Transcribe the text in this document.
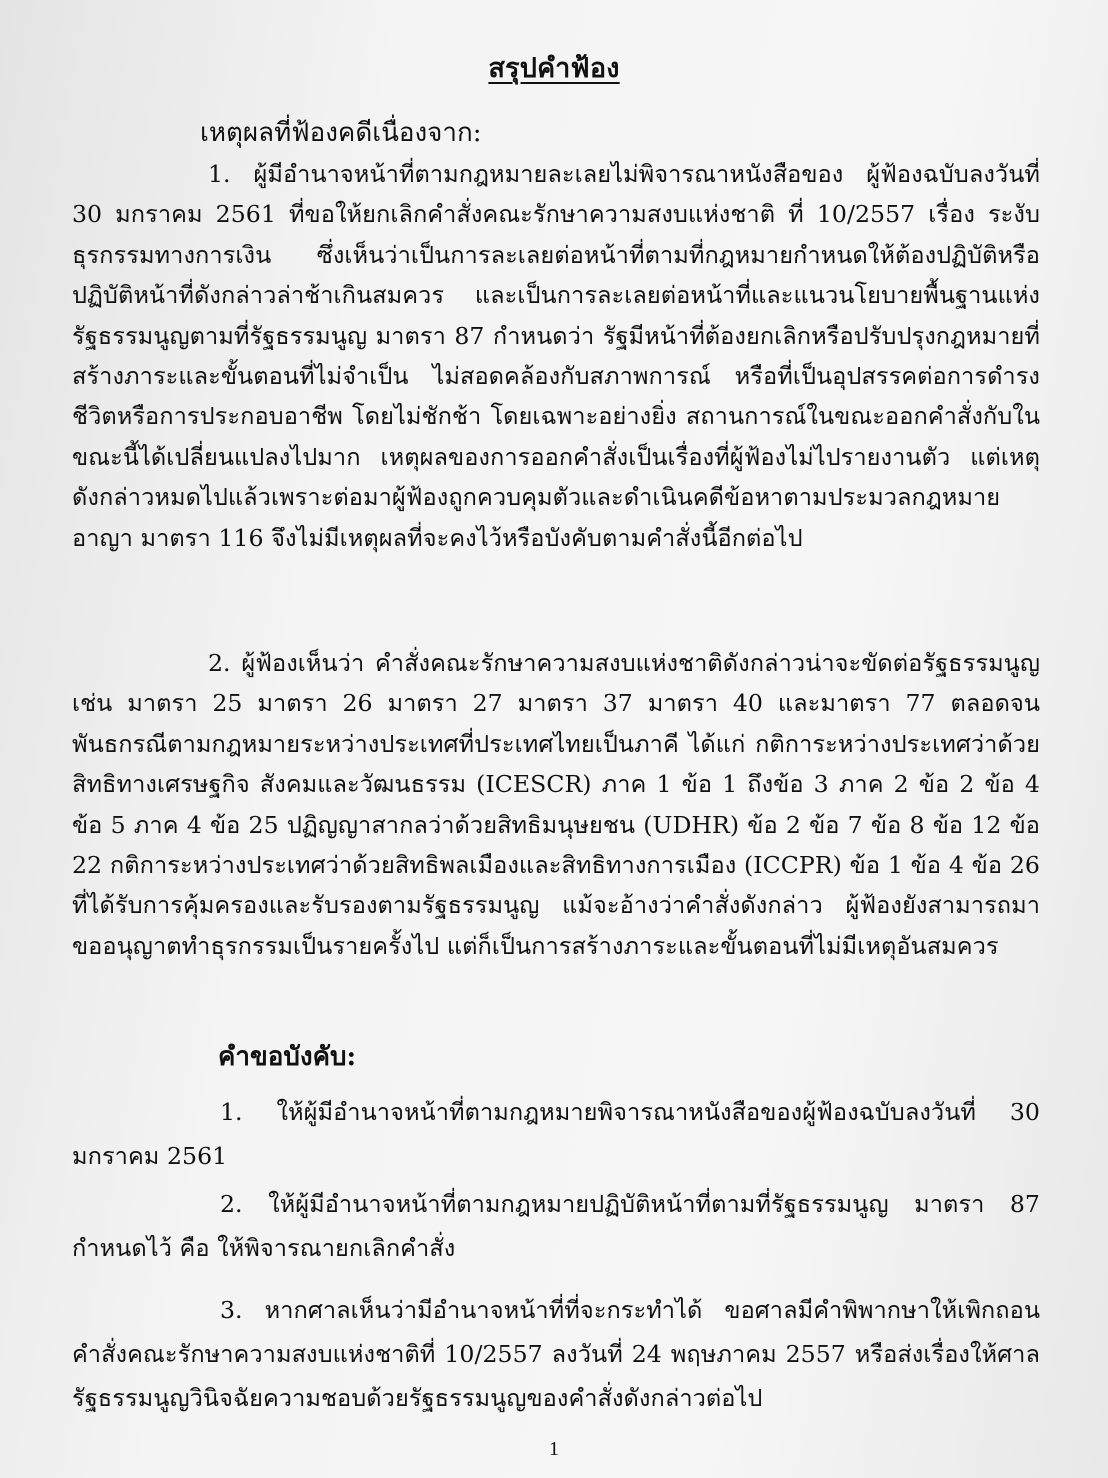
สรุปคำฟ้อง
เหตุผลที่ฟ้องคดีเนื่องจาก:

1. ผู้มีอำนาจหน้าที่ตามกฎหมายละเลยไม่พิจารณาหนังสือของ ผู้ฟ้องฉบับลงวันที่ 30 มกราคม 2561 ที่ขอให้ยกเลิกคำสั่งคณะรักษาความสงบแห่งชาติ ที่ 10/2557 เรื่อง ระงับธุรกรรมทางการเงิน ซึ่งเห็นว่าเป็นการละเลยต่อหน้าที่ตามที่กฎหมายกำหนดให้ต้องปฏิบัติหรือปฏิบัติหน้าที่ดังกล่าวล่าช้าเกินสมควร และเป็นการละเลยต่อหน้าที่และแนวนโยบายพื้นฐานแห่งรัฐธรรมนูญตามที่รัฐธรรมนูญ มาตรา 87 กำหนดว่า รัฐมีหน้าที่ต้องยกเลิกหรือปรับปรุงกฎหมายที่สร้างภาระและขั้นตอนที่ไม่จำเป็น ไม่สอดคล้องกับสภาพการณ์ หรือที่เป็นอุปสรรคต่อการดำรงชีวิตหรือการประกอบอาชีพ โดยไม่ชักช้า โดยเฉพาะอย่างยิ่ง สถานการณ์ในขณะออกคำสั่งกับในขณะนี้ได้เปลี่ยนแปลงไปมาก เหตุผลของการออกคำสั่งเป็นเรื่องที่ผู้ฟ้องไม่ไปรายงานตัว แต่เหตุดังกล่าวหมดไปแล้วเพราะต่อมาผู้ฟ้องถูกควบคุมตัวและดำเนินคดีข้อหาตามประมวลกฎหมายอาญา มาตรา 116 จึงไม่มีเหตุผลที่จะคงไว้หรือบังคับตามคำสั่งนี้อีกต่อไป

2. ผู้ฟ้องเห็นว่า คำสั่งคณะรักษาความสงบแห่งชาติดังกล่าวน่าจะขัดต่อรัฐธรรมนูญ เช่น มาตรา 25 มาตรา 26 มาตรา 27 มาตรา 37 มาตรา 40 และมาตรา 77 ตลอดจนพันธกรณีตามกฎหมายระหว่างประเทศที่ประเทศไทยเป็นภาคี ได้แก่ กติการะหว่างประเทศว่าด้วยสิทธิทางเศรษฐกิจ สังคมและวัฒนธรรม (ICESCR) ภาค 1 ข้อ 1 ถึงข้อ 3 ภาค 2 ข้อ 2 ข้อ 4 ข้อ 5 ภาค 4 ข้อ 25 ปฏิญญาสากลว่าด้วยสิทธิมนุษยชน (UDHR) ข้อ 2 ข้อ 7 ข้อ 8 ข้อ 12 ข้อ 22 กติการะหว่างประเทศว่าด้วยสิทธิพลเมืองและสิทธิทางการเมือง (ICCPR) ข้อ 1 ข้อ 4 ข้อ 26 ที่ได้รับการคุ้มครองและรับรองตามรัฐธรรมนูญ แม้จะอ้างว่าคำสั่งดังกล่าว ผู้ฟ้องยังสามารถมาขออนุญาตทำธุรกรรมเป็นรายครั้งไป แต่ก็เป็นการสร้างภาระและขั้นตอนที่ไม่มีเหตุอันสมควร

คำขอบังคับ:

1. ให้ผู้มีอำนาจหน้าที่ตามกฎหมายพิจารณาหนังสือของผู้ฟ้องฉบับลงวันที่ 30 มกราคม 2561

2. ให้ผู้มีอำนาจหน้าที่ตามกฎหมายปฏิบัติหน้าที่ตามที่รัฐธรรมนูญ มาตรา 87 กำหนดไว้ คือ ให้พิจารณายกเลิกคำสั่ง

3. หากศาลเห็นว่ามีอำนาจหน้าที่ที่จะกระทำได้ ขอศาลมีคำพิพากษาให้เพิกถอนคำสั่งคณะรักษาความสงบแห่งชาติที่ 10/2557 ลงวันที่ 24 พฤษภาคม 2557 หรือส่งเรื่องให้ศาลรัฐธรรมนูญวินิจฉัยความชอบด้วยรัฐธรรมนูญของคำสั่งดังกล่าวต่อไป

1
